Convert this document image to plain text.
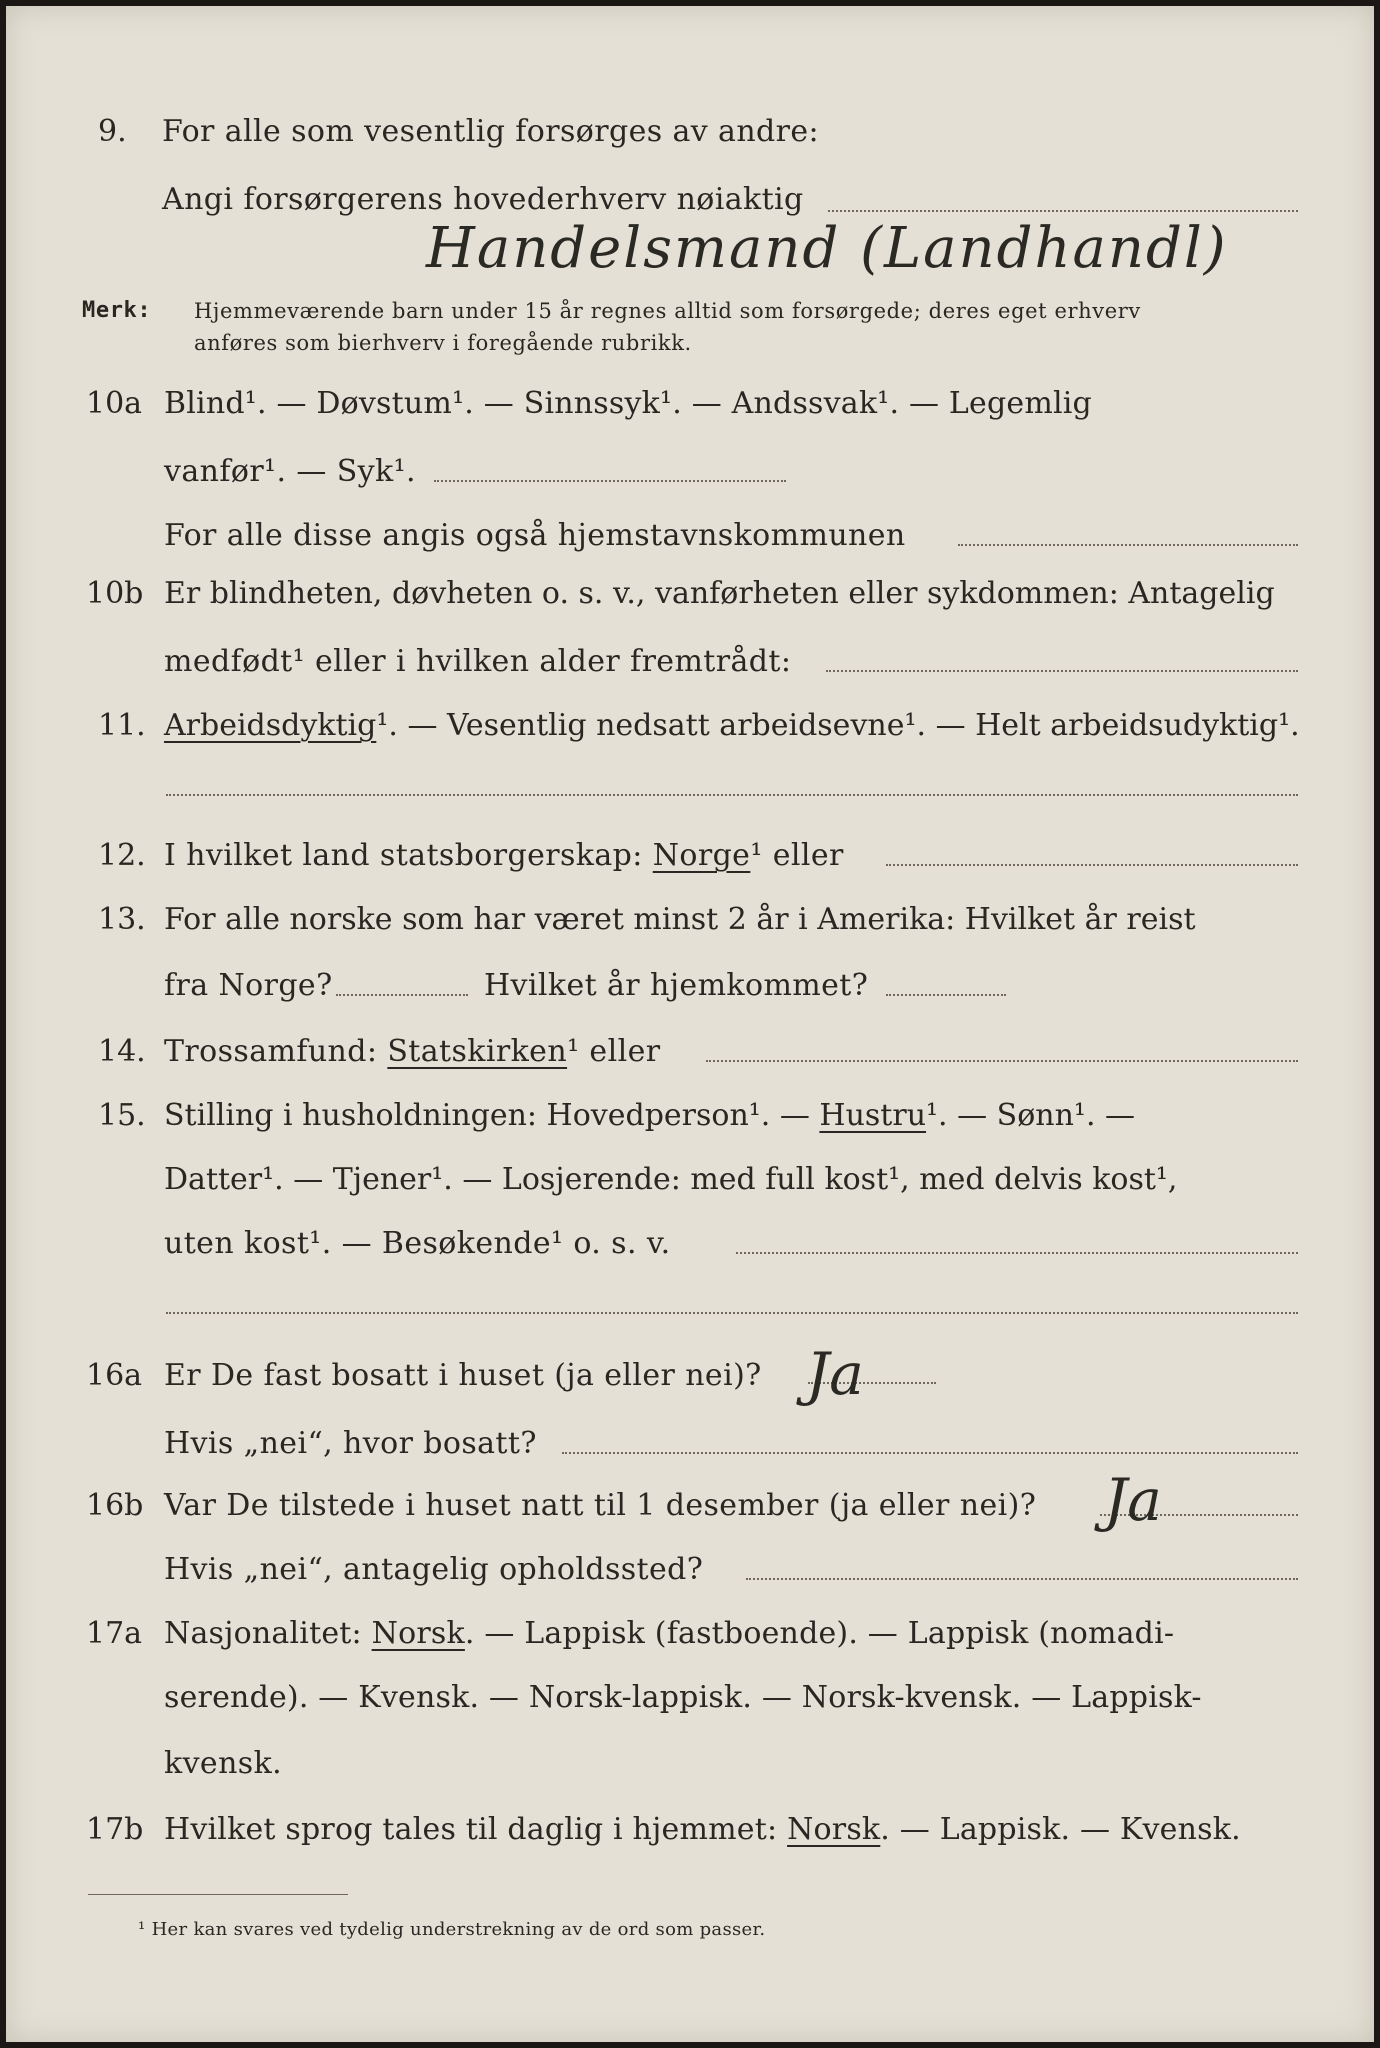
9. For alle som vesentlig forsørges av andre:
Angi forsørgerens hovederhverv nøiaktig
Handelsmand (Landhandl)
Merk: Hjemmeværende barn under 15 år regnes alltid som forsørgede; deres eget erhverv
anføres som bierhverv i foregående rubrikk.
10a Blind¹. — Døvstum¹. — Sinnssyk¹. — Andssvak¹. — Legemlig
vanfør¹. — Syk¹.
For alle disse angis også hjemstavnskommunen
10b Er blindheten, døvheten o. s. v., vanførheten eller sykdommen: Antagelig
medfødt¹ eller i hvilken alder fremtrådt:
11. Arbeidsdyktig¹. — Vesentlig nedsatt arbeidsevne¹. — Helt arbeidsudyktig¹.
12. I hvilket land statsborgerskap: Norge¹ eller
13. For alle norske som har været minst 2 år i Amerika: Hvilket år reist
fra Norge?	Hvilket år hjemkommet?
14. Trossamfund: Statskirken¹ eller
15. Stilling i husholdningen: Hovedperson¹. — Hustru¹. — Sønn¹. —
Datter¹. — Tjener¹. — Losjerende: med full kost¹, med delvis kost¹,
uten kost¹. — Besøkende¹ o. s. v.
16a Er De fast bosatt i huset (ja eller nei)? Ja
Hvis „nei“, hvor bosatt?
16b Var De tilstede i huset natt til 1 desember (ja eller nei)? Ja
Hvis „nei“, antagelig opholdssted?
17a Nasjonalitet: Norsk. — Lappisk (fastboende). — Lappisk (nomadi-
serende). — Kvensk. — Norsk-lappisk. — Norsk-kvensk. — Lappisk-
kvensk.
17b Hvilket sprog tales til daglig i hjemmet: Norsk. — Lappisk. — Kvensk.
¹ Her kan svares ved tydelig understrekning av de ord som passer.
